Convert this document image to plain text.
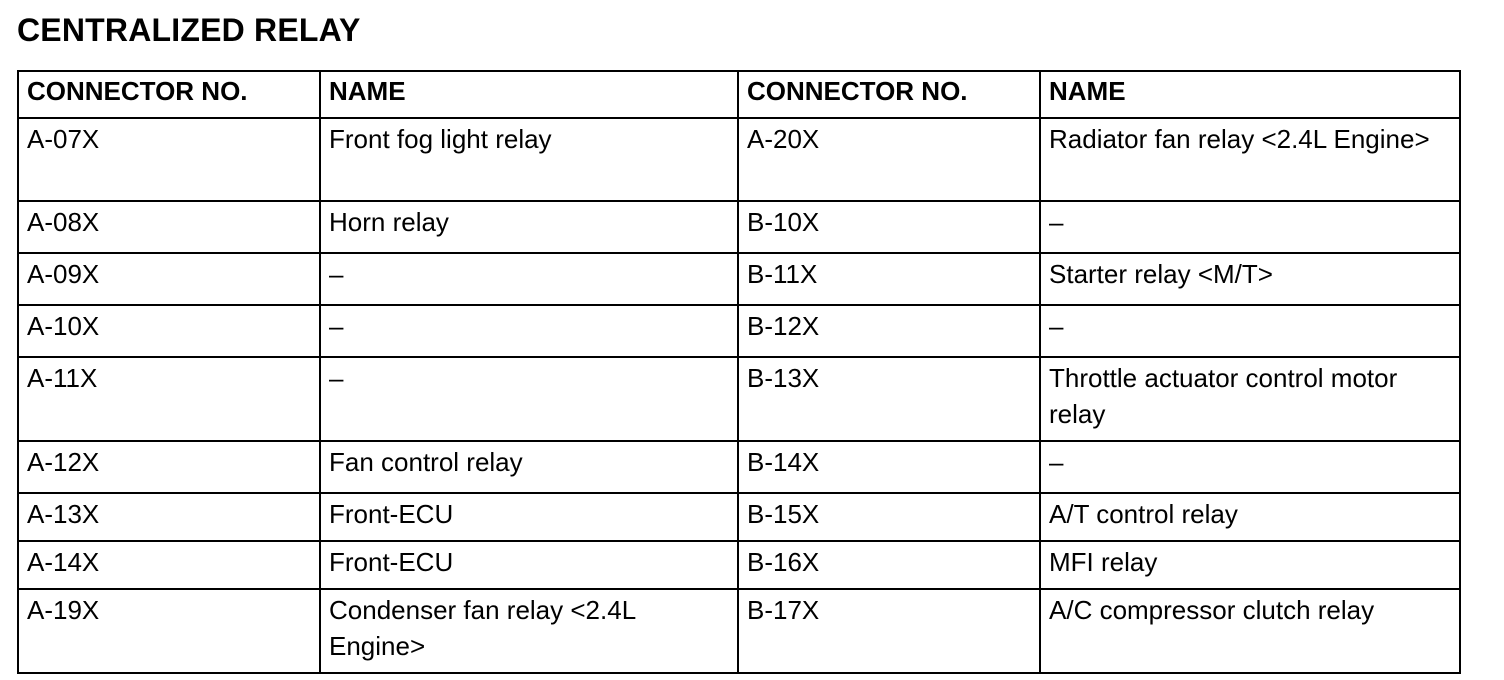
CENTRALIZED RELAY
CONNECTOR NO.	NAME	CONNECTOR NO.	NAME
A-07X	Front fog light relay	A-20X	Radiator fan relay <2.4L Engine>
A-08X	Horn relay	B-10X	–
A-09X	–	B-11X	Starter relay <M/T>
A-10X	–	B-12X	–
A-11X	–	B-13X	Throttle actuator control motor relay
A-12X	Fan control relay	B-14X	–
A-13X	Front-ECU	B-15X	A/T control relay
A-14X	Front-ECU	B-16X	MFI relay
A-19X	Condenser fan relay <2.4L Engine>	B-17X	A/C compressor clutch relay
